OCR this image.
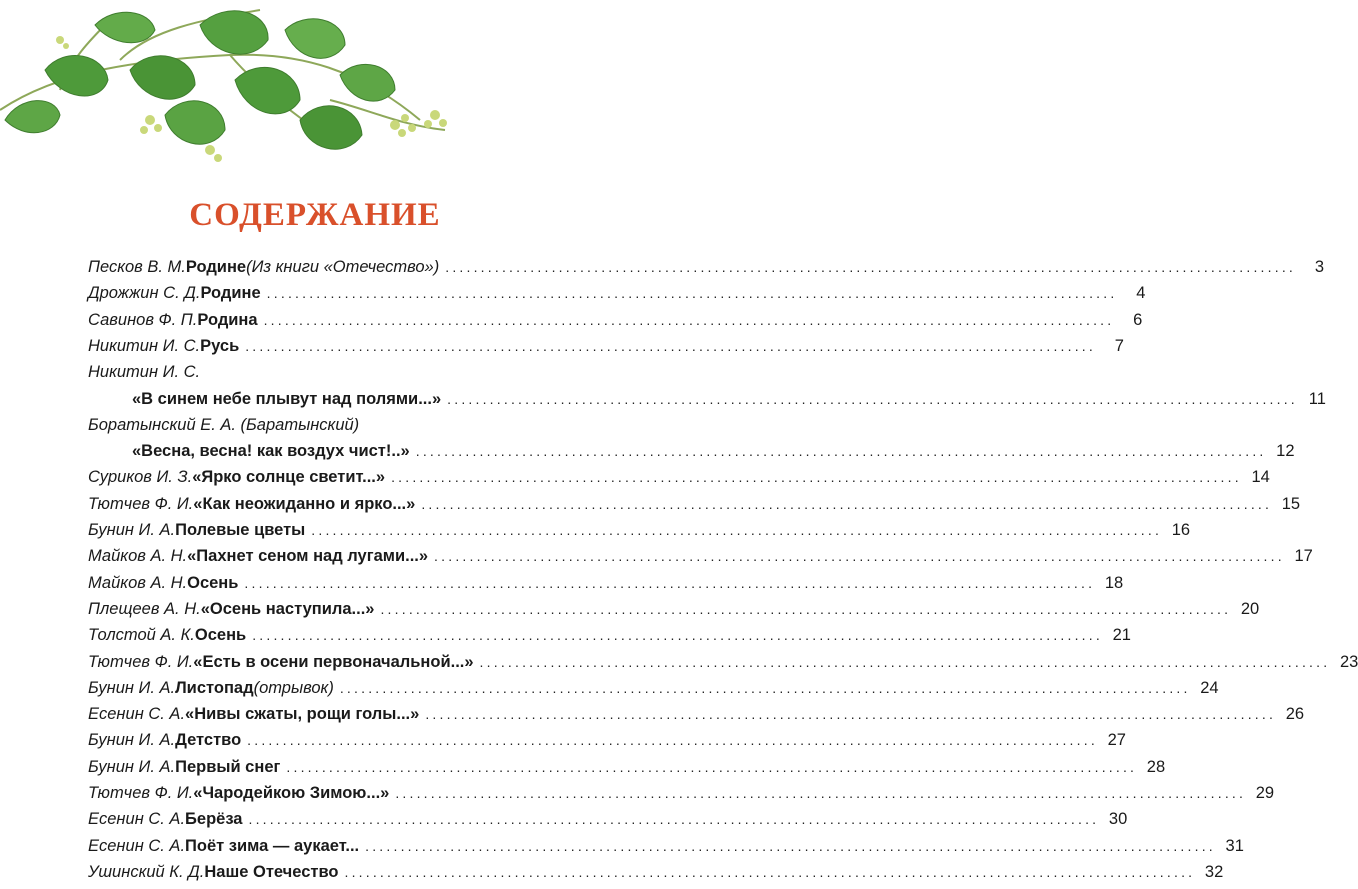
СОДЕРЖАНИЕ
Песков В. М. Родине (Из книги «Отечество») ........................................................................................................................	3
Дрожжин С. Д. Родине ........................................................................................................................	4
Савинов Ф. П. Родина ........................................................................................................................	6
Никитин И. С. Русь ........................................................................................................................	7
Никитин И. С.
«В синем небе плывут над полями...» ........................................................................................................................ 11
Боратынский Е. А. (Баратынский)
«Весна, весна! как воздух чист!..» ........................................................................................................................ 12
Суриков И. З. «Ярко солнце светит...» ........................................................................................................................ 14
Тютчев Ф. И. «Как неожиданно и ярко...» ........................................................................................................................ 15
Бунин И. А. Полевые цветы ........................................................................................................................ 16
Майков А. Н. «Пахнет сеном над лугами...» ........................................................................................................................ 17
Майков А. Н. Осень ........................................................................................................................ 18
Плещеев А. Н. «Осень наступила...» ........................................................................................................................ 20
Толстой А. К. Осень ........................................................................................................................ 21
Тютчев Ф. И. «Есть в осени первоначальной...» ........................................................................................................................ 23
Бунин И. А. Листопад (отрывок) ........................................................................................................................ 24
Есенин С. А. «Нивы сжаты, рощи голы...» ........................................................................................................................ 26
Бунин И. А. Детство ........................................................................................................................ 27
Бунин И. А. Первый снег ........................................................................................................................ 28
Тютчев Ф. И. «Чародейкою Зимою...» ........................................................................................................................ 29
Есенин С. А. Берёза ........................................................................................................................ 30
Есенин С. А. Поёт зима — аукает... ........................................................................................................................ 31
Ушинский К. Д. Наше Отечество ........................................................................................................................ 32
